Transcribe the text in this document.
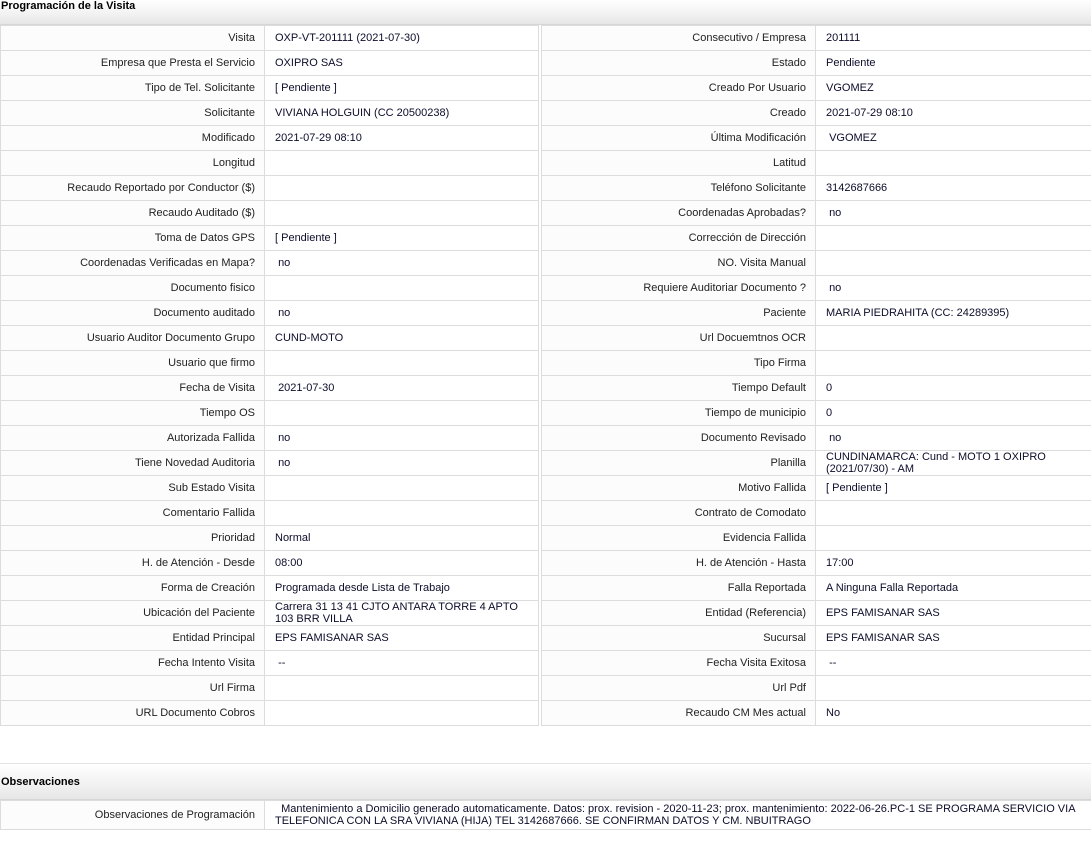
Programación de la Visita
Visita	OXP-VT-201111 (2021-07-30)		Consecutivo / Empresa	201111
Empresa que Presta el Servicio	OXIPRO SAS		Estado	Pendiente
Tipo de Tel. Solicitante	[ Pendiente ]		Creado Por Usuario	VGOMEZ
Solicitante	VIVIANA HOLGUIN (CC 20500238)		Creado	2021-07-29 08:10
Modificado	2021-07-29 08:10		Última Modificación	VGOMEZ
Longitud			Latitud	
Recaudo Reportado por Conductor ($)			Teléfono Solicitante	3142687666
Recaudo Auditado ($)			Coordenadas Aprobadas?	no
Toma de Datos GPS	[ Pendiente ]		Corrección de Dirección	
Coordenadas Verificadas en Mapa?	no		NO. Visita Manual	
Documento fisico			Requiere Auditoriar Documento ?	no
Documento auditado	no		Paciente	MARIA PIEDRAHITA (CC: 24289395)
Usuario Auditor Documento Grupo	CUND-MOTO		Url Docuemtnos OCR	
Usuario que firmo			Tipo Firma	
Fecha de Visita	2021-07-30		Tiempo Default	0
Tiempo OS			Tiempo de municipio	0
Autorizada Fallida	no		Documento Revisado	no
Tiene Novedad Auditoria	no		Planilla	CUNDINAMARCA: Cund - MOTO 1 OXIPRO (2021/07/30) - AM
Sub Estado Visita			Motivo Fallida	[ Pendiente ]
Comentario Fallida			Contrato de Comodato	
Prioridad	Normal		Evidencia Fallida	
H. de Atención - Desde	08:00		H. de Atención - Hasta	17:00
Forma de Creación	Programada desde Lista de Trabajo		Falla Reportada	A Ninguna Falla Reportada
Ubicación del Paciente	Carrera 31 13 41 CJTO ANTARA TORRE 4 APTO 103 BRR VILLA		Entidad (Referencia)	EPS FAMISANAR SAS
Entidad Principal	EPS FAMISANAR SAS		Sucursal	EPS FAMISANAR SAS
Fecha Intento Visita	--		Fecha Visita Exitosa	--
Url Firma			Url Pdf	
URL Documento Cobros			Recaudo CM Mes actual	No
Observaciones
Observaciones de Programación	Mantenimiento a Domicilio generado automaticamente. Datos: prox. revision - 2020-11-23; prox. mantenimiento: 2022-06-26.PC-1 SE PROGRAMA SERVICIO VIA TELEFONICA CON LA SRA VIVIANA (HIJA) TEL 3142687666. SE CONFIRMAN DATOS Y CM. NBUITRAGO
